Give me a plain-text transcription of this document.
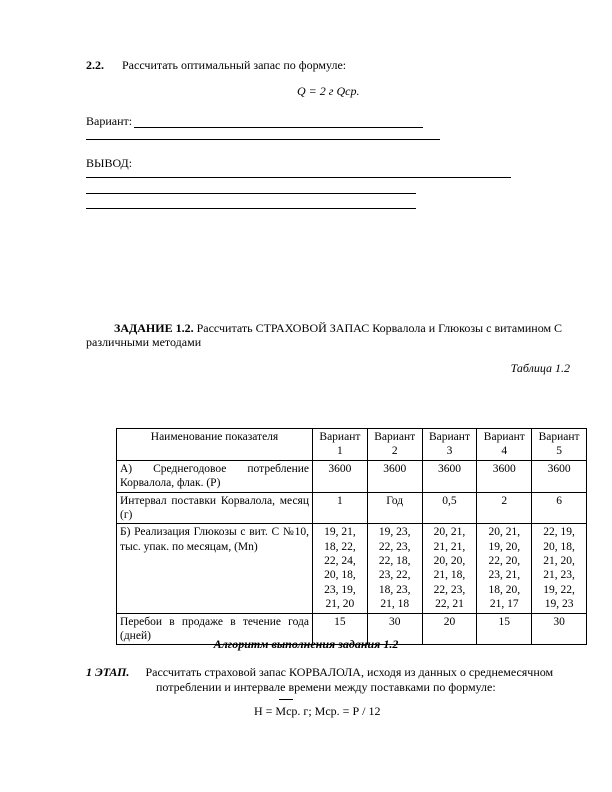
2.2. Рассчитать оптимальный запас по формуле:
Q = 2 г Qср.
Вариант:
ВЫВОД:
ЗАДАНИЕ 1.2. Рассчитать СТРАХОВОЙ ЗАПАС Корвалола и Глюкозы с витамином С
различными методами
Таблица 1.2
Наименование показателя	Вариант 1	Вариант 2	Вариант 3	Вариант 4	Вариант 5
А) Среднегодовое потребление Корвалола, флак. (P)	3600	3600	3600	3600	3600
Интервал поставки Корвалола, месяц (г)	1	Год	0,5	2	6
Б) Реализация Глюкозы с вит. С №10, тыс. упак. по месяцам, (Mn)	19, 21, 18, 22, 22, 24, 20, 18, 23, 19, 21, 20	19, 23, 22, 23, 22, 18, 23, 22, 18, 23, 21, 18	20, 21, 21, 21, 20, 20, 21, 18, 22, 23, 22, 21	20, 21, 19, 20, 22, 20, 23, 21, 18, 20, 21, 17	22, 19, 20, 18, 21, 20, 21, 23, 19, 22, 19, 23
Перебои в продаже в течение года (дней)	15	30	20	15	30
Алгоритм выполнения задания 1.2
1 ЭТАП. Рассчитать страховой запас КОРВАЛОЛА, исходя из данных о среднемесячном
потреблении и интервале времени между поставками по формуле:
Н = Мср. г; Мср. = Р / 12
